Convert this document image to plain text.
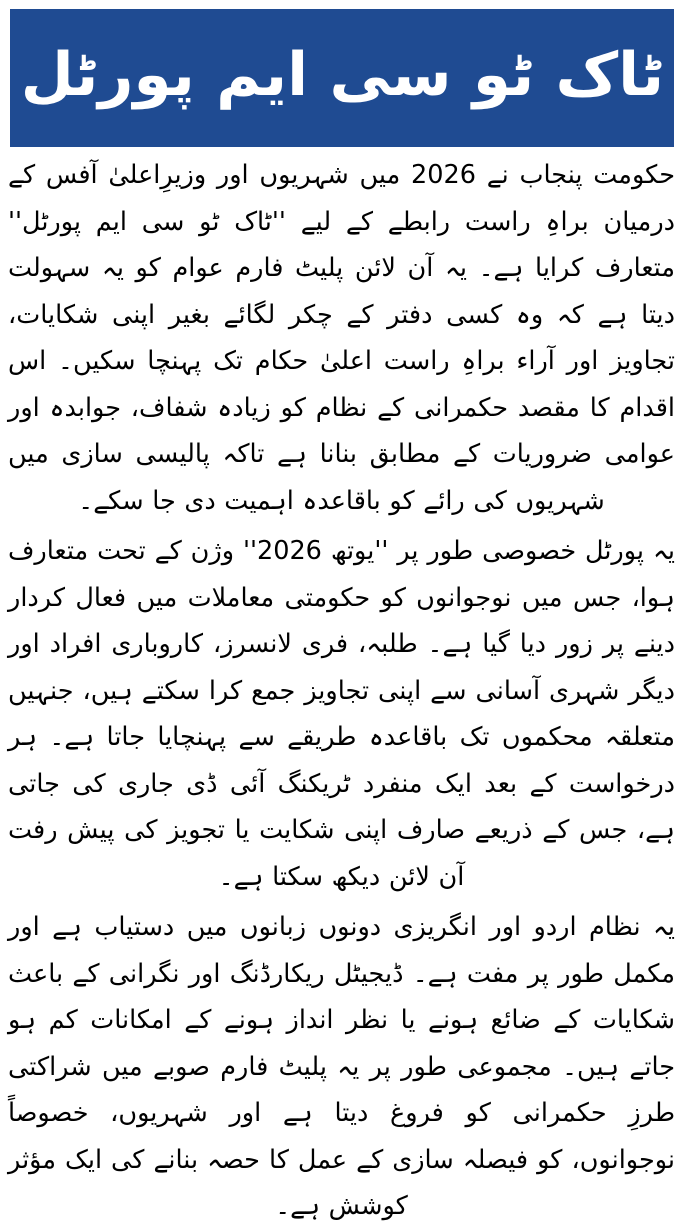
ٹاک ٹو سی ایم پورٹل

حکومت پنجاب نے 2026 میں شہریوں اور وزیرِاعلیٰ آفس کے درمیان براہِ راست رابطے کے لیے ''ٹاک ٹو سی ایم پورٹل'' متعارف کرایا ہے۔ یہ آن لائن پلیٹ فارم عوام کو یہ سہولت دیتا ہے کہ وہ کسی دفتر کے چکر لگائے بغیر اپنی شکایات، تجاویز اور آراء براہِ راست اعلیٰ حکام تک پہنچا سکیں۔ اس اقدام کا مقصد حکمرانی کے نظام کو زیادہ شفاف، جوابدہ اور عوامی ضروریات کے مطابق بنانا ہے تاکہ پالیسی سازی میں شہریوں کی رائے کو باقاعدہ اہمیت دی جا سکے۔

یہ پورٹل خصوصی طور پر ''یوتھ 2026'' وژن کے تحت متعارف ہوا، جس میں نوجوانوں کو حکومتی معاملات میں فعال کردار دینے پر زور دیا گیا ہے۔ طلبہ، فری لانسرز، کاروباری افراد اور دیگر شہری آسانی سے اپنی تجاویز جمع کرا سکتے ہیں، جنہیں متعلقہ محکموں تک باقاعدہ طریقے سے پہنچایا جاتا ہے۔ ہر درخواست کے بعد ایک منفرد ٹریکنگ آئی ڈی جاری کی جاتی ہے، جس کے ذریعے صارف اپنی شکایت یا تجویز کی پیش رفت آن لائن دیکھ سکتا ہے۔

یہ نظام اردو اور انگریزی دونوں زبانوں میں دستیاب ہے اور مکمل طور پر مفت ہے۔ ڈیجیٹل ریکارڈنگ اور نگرانی کے باعث شکایات کے ضائع ہونے یا نظر انداز ہونے کے امکانات کم ہو جاتے ہیں۔ مجموعی طور پر یہ پلیٹ فارم صوبے میں شراکتی طرزِ حکمرانی کو فروغ دیتا ہے اور شہریوں، خصوصاً نوجوانوں، کو فیصلہ سازی کے عمل کا حصہ بنانے کی ایک مؤثر کوشش ہے۔
